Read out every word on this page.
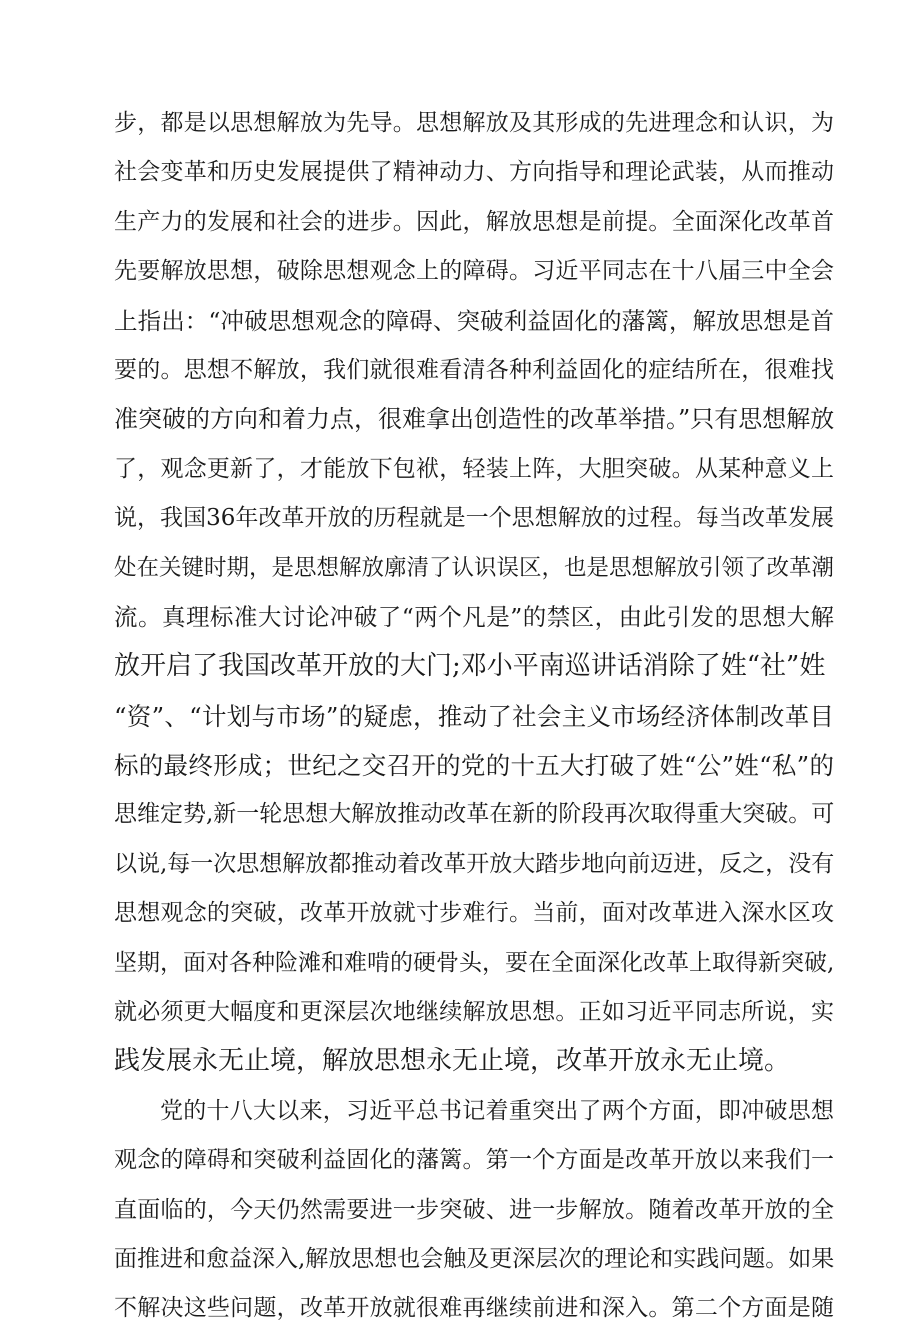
步，都是以思想解放为先导。思想解放及其形成的先进理念和认识，为
社会变革和历史发展提供了精神动力、方向指导和理论武装，从而推动
生产力的发展和社会的进步。因此，解放思想是前提。全面深化改革首
先要解放思想，破除思想观念上的障碍。习近平同志在十八届三中全会
上指出：“冲破思想观念的障碍、突破利益固化的藩篱，解放思想是首
要的。思想不解放，我们就很难看清各种利益固化的症结所在，很难找
准突破的方向和着力点，很难拿出创造性的改革举措。”只有思想解放
了，观念更新了，才能放下包袱，轻装上阵，大胆突破。从某种意义上
说，我国36年改革开放的历程就是一个思想解放的过程。每当改革发展
处在关键时期，是思想解放廓清了认识误区，也是思想解放引领了改革潮
流。真理标准大讨论冲破了“两个凡是”的禁区，由此引发的思想大解
放开启了我国改革开放的大门;邓小平南巡讲话消除了姓“社”姓
“资”、“计划与市场”的疑虑，推动了社会主义市场经济体制改革目
标的最终形成；世纪之交召开的党的十五大打破了姓“公”姓“私”的
思维定势,新一轮思想大解放推动改革在新的阶段再次取得重大突破。可
以说,每一次思想解放都推动着改革开放大踏步地向前迈进，反之，没有
思想观念的突破，改革开放就寸步难行。当前，面对改革进入深水区攻
坚期，面对各种险滩和难啃的硬骨头，要在全面深化改革上取得新突破,
就必须更大幅度和更深层次地继续解放思想。正如习近平同志所说，实
践发展永无止境，解放思想永无止境，改革开放永无止境。
党的十八大以来，习近平总书记着重突出了两个方面，即冲破思想
观念的障碍和突破利益固化的藩篱。第一个方面是改革开放以来我们一
直面临的，今天仍然需要进一步突破、进一步解放。随着改革开放的全
面推进和愈益深入,解放思想也会触及更深层次的理论和实践问题。如果
不解决这些问题，改革开放就很难再继续前进和深入。第二个方面是随
